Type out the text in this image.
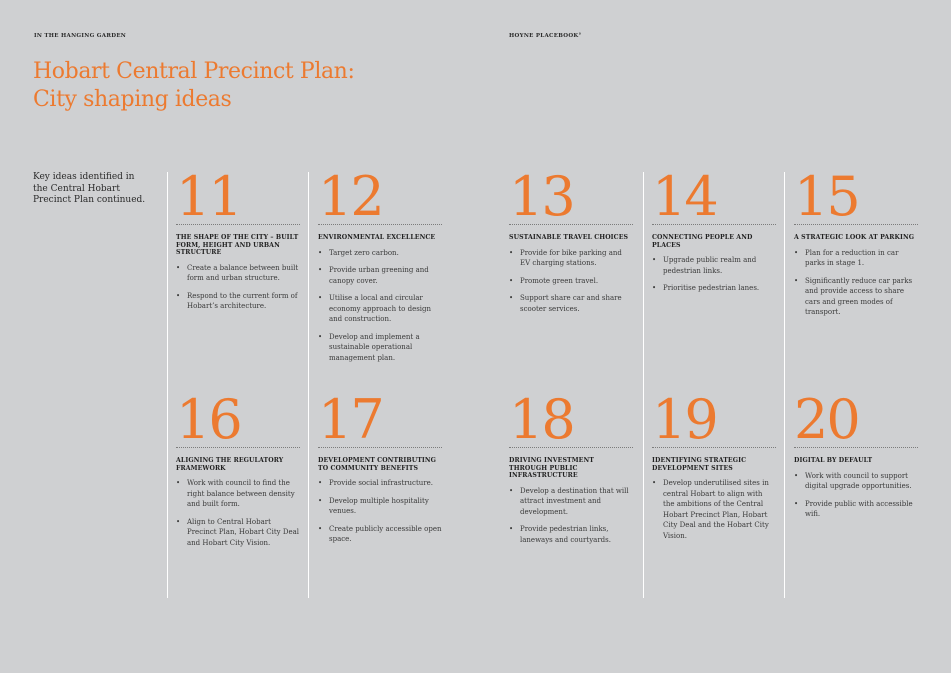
IN THE HANGING GARDEN	HOYNE PLACEBOOK°
Hobart Central Precinct Plan:
City shaping ideas

Key ideas identified in the Central Hobart Precinct Plan continued. 11
THE SHAPE OF THE CITY – BUILT FORM, HEIGHT AND URBAN STRUCTURE
• Create a balance between built form and urban structure.
• Respond to the current form of Hobart’s architecture.
12
ENVIRONMENTAL EXCELLENCE
• Target zero carbon.
• Provide urban greening and canopy cover.
• Utilise a local and circular economy approach to design and construction.
• Develop and implement a sustainable operational management plan.
13
SUSTAINABLE TRAVEL CHOICES
• Provide for bike parking and EV charging stations.
• Promote green travel.
• Support share car and share scooter services.
14
CONNECTING PEOPLE AND PLACES
• Upgrade public realm and pedestrian links.
• Prioritise pedestrian lanes.
15
A STRATEGIC LOOK AT PARKING
• Plan for a reduction in car parks in stage 1.
• Significantly reduce car parks and provide access to share cars and green modes of transport.
16
ALIGNING THE REGULATORY FRAMEWORK
• Work with council to find the right balance between density and built form.
• Align to Central Hobart Precinct Plan, Hobart City Deal and Hobart City Vision.
17
DEVELOPMENT CONTRIBUTING TO COMMUNITY BENEFITS
• Provide social infrastructure.
• Develop multiple hospitality venues.
• Create publicly accessible open space.
18
DRIVING INVESTMENT THROUGH PUBLIC INFRASTRUCTURE
• Develop a destination that will attract investment and development.
• Provide pedestrian links, laneways and courtyards.
19
IDENTIFYING STRATEGIC DEVELOPMENT SITES
• Develop underutilised sites in central Hobart to align with the ambitions of the Central Hobart Precinct Plan, Hobart City Deal and the Hobart City Vision.
20
DIGITAL BY DEFAULT
• Work with council to support digital upgrade opportunities.
• Provide public with accessible wifi.
